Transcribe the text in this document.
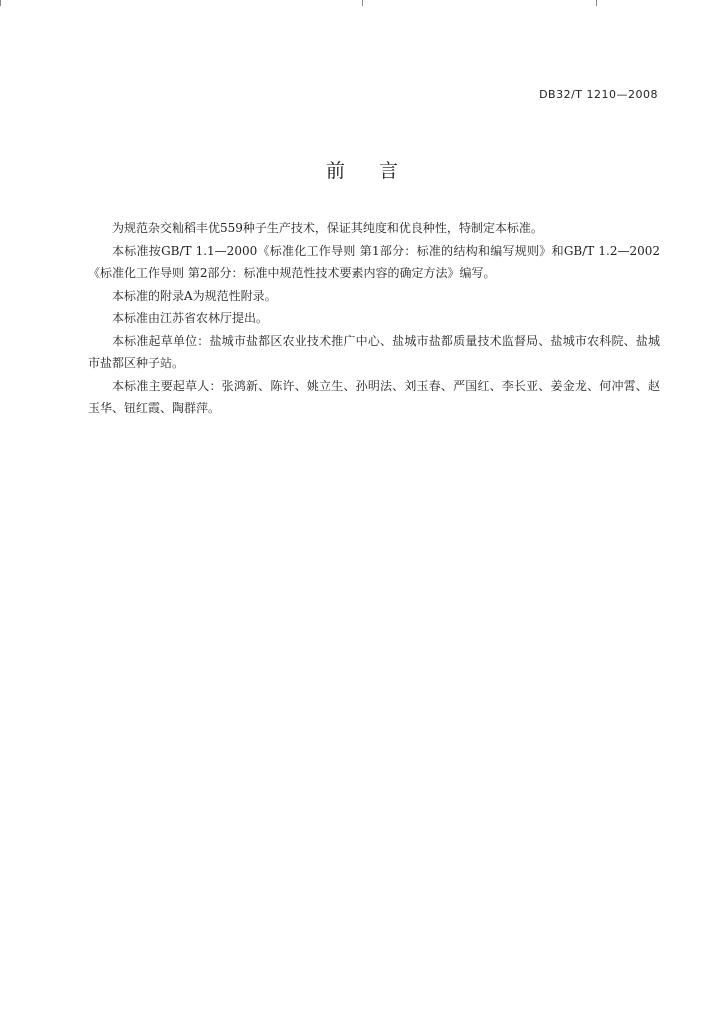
DB32/T 1210—2008
前言

为规范杂交籼稻丰优559种子生产技术，保证其纯度和优良种性，特制定本标准。

本标准按GB/T 1.1—2000《标准化工作导则 第1部分：标准的结构和编写规则》和GB/T 1.2—2002《标准化工作导则 第2部分：标准中规范性技术要素内容的确定方法》编写。

本标准的附录A为规范性附录。

本标准由江苏省农林厅提出。

本标准起草单位：盐城市盐都区农业技术推广中心、盐城市盐都质量技术监督局、盐城市农科院、盐城市盐都区种子站。

本标准主要起草人：张鸿新、陈许、姚立生、孙明法、刘玉春、严国红、李长亚、姜金龙、何冲霄、赵玉华、钮红霞、陶群萍。
